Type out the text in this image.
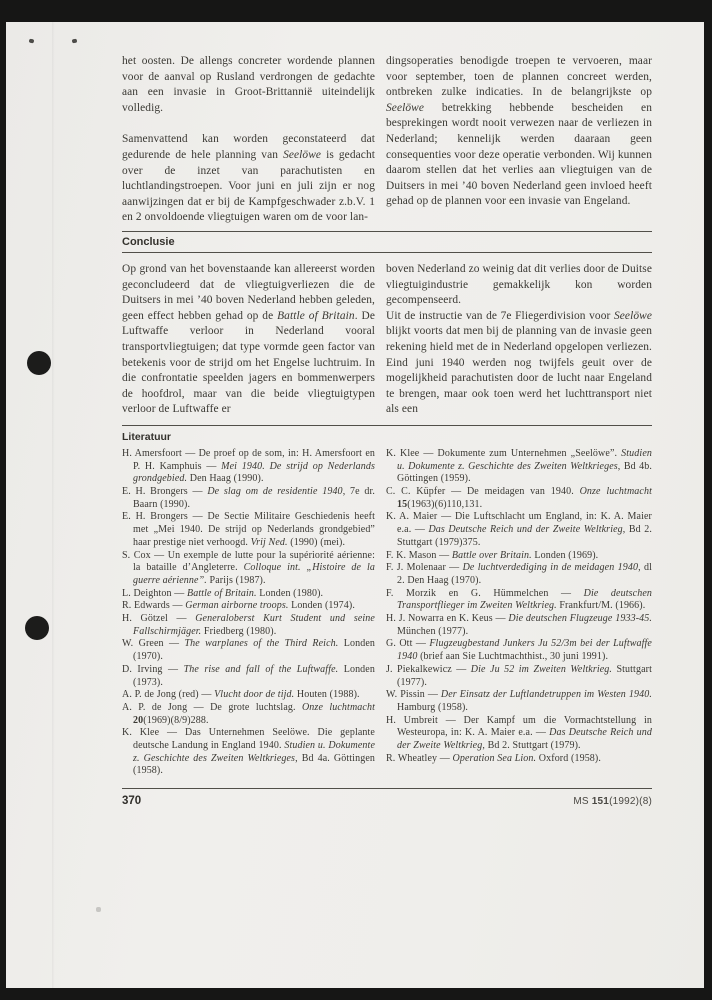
het oosten. De allengs concreter wordende plannen voor de aanval op Rusland verdrongen de gedachte aan een invasie in Groot-Brittannië uiteindelijk volledig.

Samenvattend kan worden geconstateerd dat gedurende de hele planning van Seelöwe is gedacht over de inzet van parachutisten en luchtlandingstroepen. Voor juni en juli zijn er nog aanwijzingen dat er bij de Kampfgeschwader z.b.V. 1 en 2 onvoldoende vliegtuigen waren om de voor lan-

dingsoperaties benodigde troepen te vervoeren, maar voor september, toen de plannen concreet werden, ontbreken zulke indicaties. In de belangrijkste op Seelöwe betrekking hebbende bescheiden en besprekingen wordt nooit verwezen naar de verliezen in Nederland; kennelijk werden daaraan geen consequenties voor deze operatie verbonden. Wij kunnen daarom stellen dat het verlies aan vliegtuigen van de Duitsers in mei ’40 boven Nederland geen invloed heeft gehad op de plannen voor een invasie van Engeland.

Conclusie

Op grond van het bovenstaande kan allereerst worden geconcludeerd dat de vliegtuigverliezen die de Duitsers in mei ’40 boven Nederland hebben geleden, geen effect hebben gehad op de Battle of Britain. De Luftwaffe verloor in Nederland vooral transportvliegtuigen; dat type vormde geen factor van betekenis voor de strijd om het Engelse luchtruim. In die confrontatie speelden jagers en bommenwerpers de hoofdrol, maar van die beide vliegtuigtypen verloor de Luftwaffe er

boven Nederland zo weinig dat dit verlies door de Duitse vliegtuigindustrie gemakkelijk kon worden gecompenseerd.

Uit de instructie van de 7e Fliegerdivision voor Seelöwe blijkt voorts dat men bij de planning van de invasie geen rekening hield met de in Nederland opgelopen verliezen. Eind juni 1940 werden nog twijfels geuit over de mogelijkheid parachutisten door de lucht naar Engeland te brengen, maar ook toen werd het luchttransport niet als een

Literatuur
H. Amersfoort — De proef op de som, in: H. Amersfoort en P. H. Kamphuis — Mei 1940. De strijd op Nederlands grondgebied. Den Haag (1990).
E. H. Brongers — De slag om de residentie 1940, 7e dr. Baarn (1990).
E. H. Brongers — De Sectie Militaire Geschiedenis heeft met „Mei 1940. De strijd op Nederlands grondgebied” haar prestige niet verhoogd. Vrij Ned. (1990) (mei).
S. Cox — Un exemple de lutte pour la supériorité aérienne: la bataille d’Angleterre. Colloque int. „Histoire de la guerre aérienne”. Parijs (1987).
L. Deighton — Battle of Britain. Londen (1980).
R. Edwards — German airborne troops. Londen (1974).
H. Götzel — Generaloberst Kurt Student und seine Fallschirmjäger. Friedberg (1980).
W. Green — The warplanes of the Third Reich. Londen (1970).
D. Irving — The rise and fall of the Luftwaffe. Londen (1973).
A. P. de Jong (red) — Vlucht door de tijd. Houten (1988).
A. P. de Jong — De grote luchtslag. Onze luchtmacht 20(1969)(8/9)288.
K. Klee — Das Unternehmen Seelöwe. Die geplante deutsche Landung in England 1940. Studien u. Dokumente z. Geschichte des Zweiten Weltkrieges, Bd 4a. Göttingen (1958).
K. Klee — Dokumente zum Unternehmen „Seelöwe”. Studien u. Dokumente z. Geschichte des Zweiten Weltkrieges, Bd 4b. Göttingen (1959).
C. C. Küpfer — De meidagen van 1940. Onze luchtmacht 15(1963)(6)110,131.
K. A. Maier — Die Luftschlacht um England, in: K. A. Maier e.a. — Das Deutsche Reich und der Zweite Weltkrieg, Bd 2. Stuttgart (1979)375.
F. K. Mason — Battle over Britain. Londen (1969).
F. J. Molenaar — De luchtverdediging in de meidagen 1940, dl 2. Den Haag (1970).
F. Morzik en G. Hümmelchen — Die deutschen Transportflieger im Zweiten Weltkrieg. Frankfurt/M. (1966).
H. J. Nowarra en K. Keus — Die deutschen Flugzeuge 1933-45. München (1977).
G. Ott — Flugzeugbestand Junkers Ju 52/3m bei der Luftwaffe 1940 (brief aan Sie Luchtmachthist., 30 juni 1991).
J. Piekalkewicz — Die Ju 52 im Zweiten Weltkrieg. Stuttgart (1977).
W. Pissin — Der Einsatz der Luftlandetruppen im Westen 1940. Hamburg (1958).
H. Umbreit — Der Kampf um die Vormachtstellung in Westeuropa, in: K. A. Maier e.a. — Das Deutsche Reich und der Zweite Weltkrieg, Bd 2. Stuttgart (1979).
R. Wheatley — Operation Sea Lion. Oxford (1958).
370	MS 151(1992)(8)
